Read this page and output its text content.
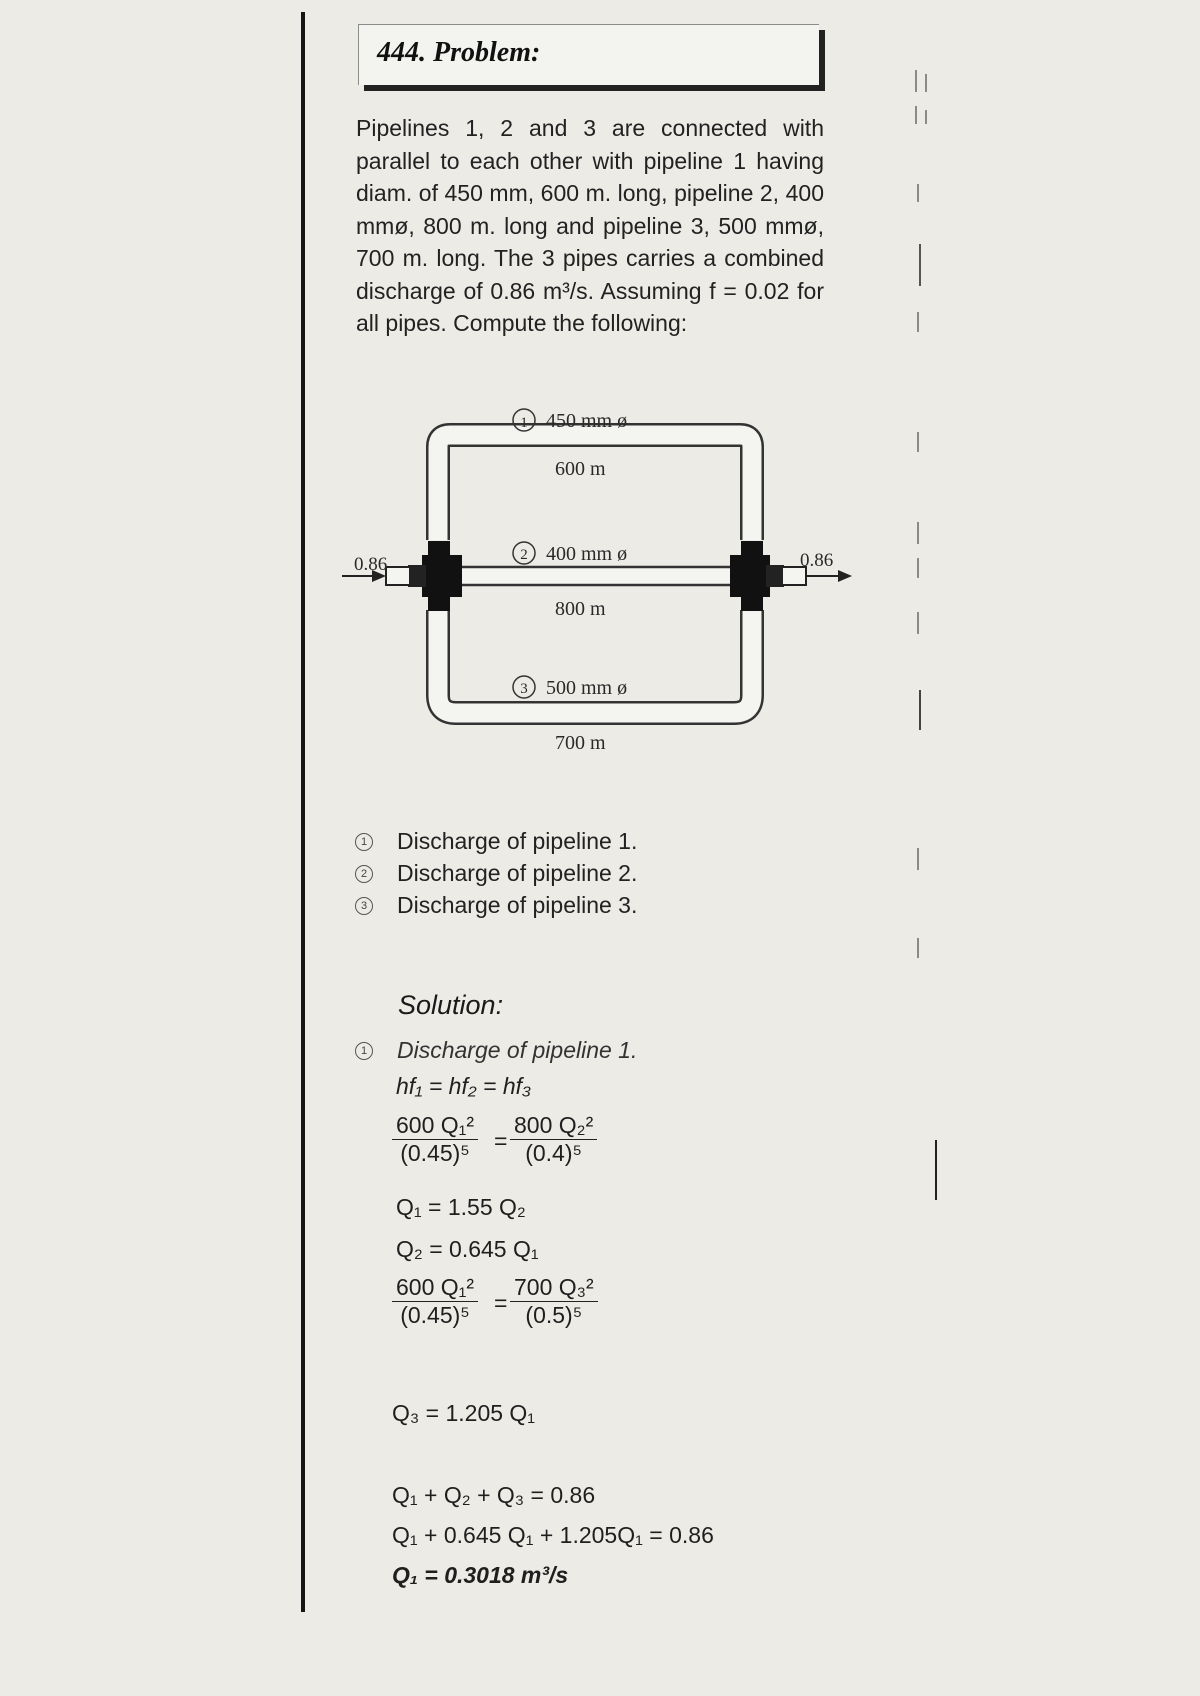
444. Problem:
Pipelines 1, 2 and 3 are connected with parallel to each other with pipeline 1 having diam. of 450 mm, 600 m. long, pipeline 2, 400 mmø, 800 m. long and pipeline 3, 500 mmø, 700 m. long. The 3 pipes carries a combined discharge of 0.86 m³/s. Assuming f = 0.02 for all pipes. Compute the following:
1 450 mm ø
600 m
2 400 mm ø
800 m
3 500 mm ø
700 m
0.86	0.86
1 Discharge of pipeline 1.
2 Discharge of pipeline 2.
3 Discharge of pipeline 3.
Solution:
1 Discharge of pipeline 1.
hf₁ = hf₂ = hf₃
$\frac{\text{600 Q₁²}}{\text{(0.45)⁵}} = \frac{\text{800 Q₂²}}{\text{(0.4)⁵}}$
Q₁ = 1.55 Q₂
Q₂ = 0.645 Q₁
$\frac{\text{600 Q₁²}}{\text{(0.45)⁵}} = \frac{\text{700 Q₃²}}{\text{(0.5)⁵}}$
Q₃ = 1.205 Q₁
Q₁ + Q₂ + Q₃ = 0.86
Q₁ + 0.645 Q₁ + 1.205Q₁ = 0.86
Q₁ = 0.3018 m³/s
